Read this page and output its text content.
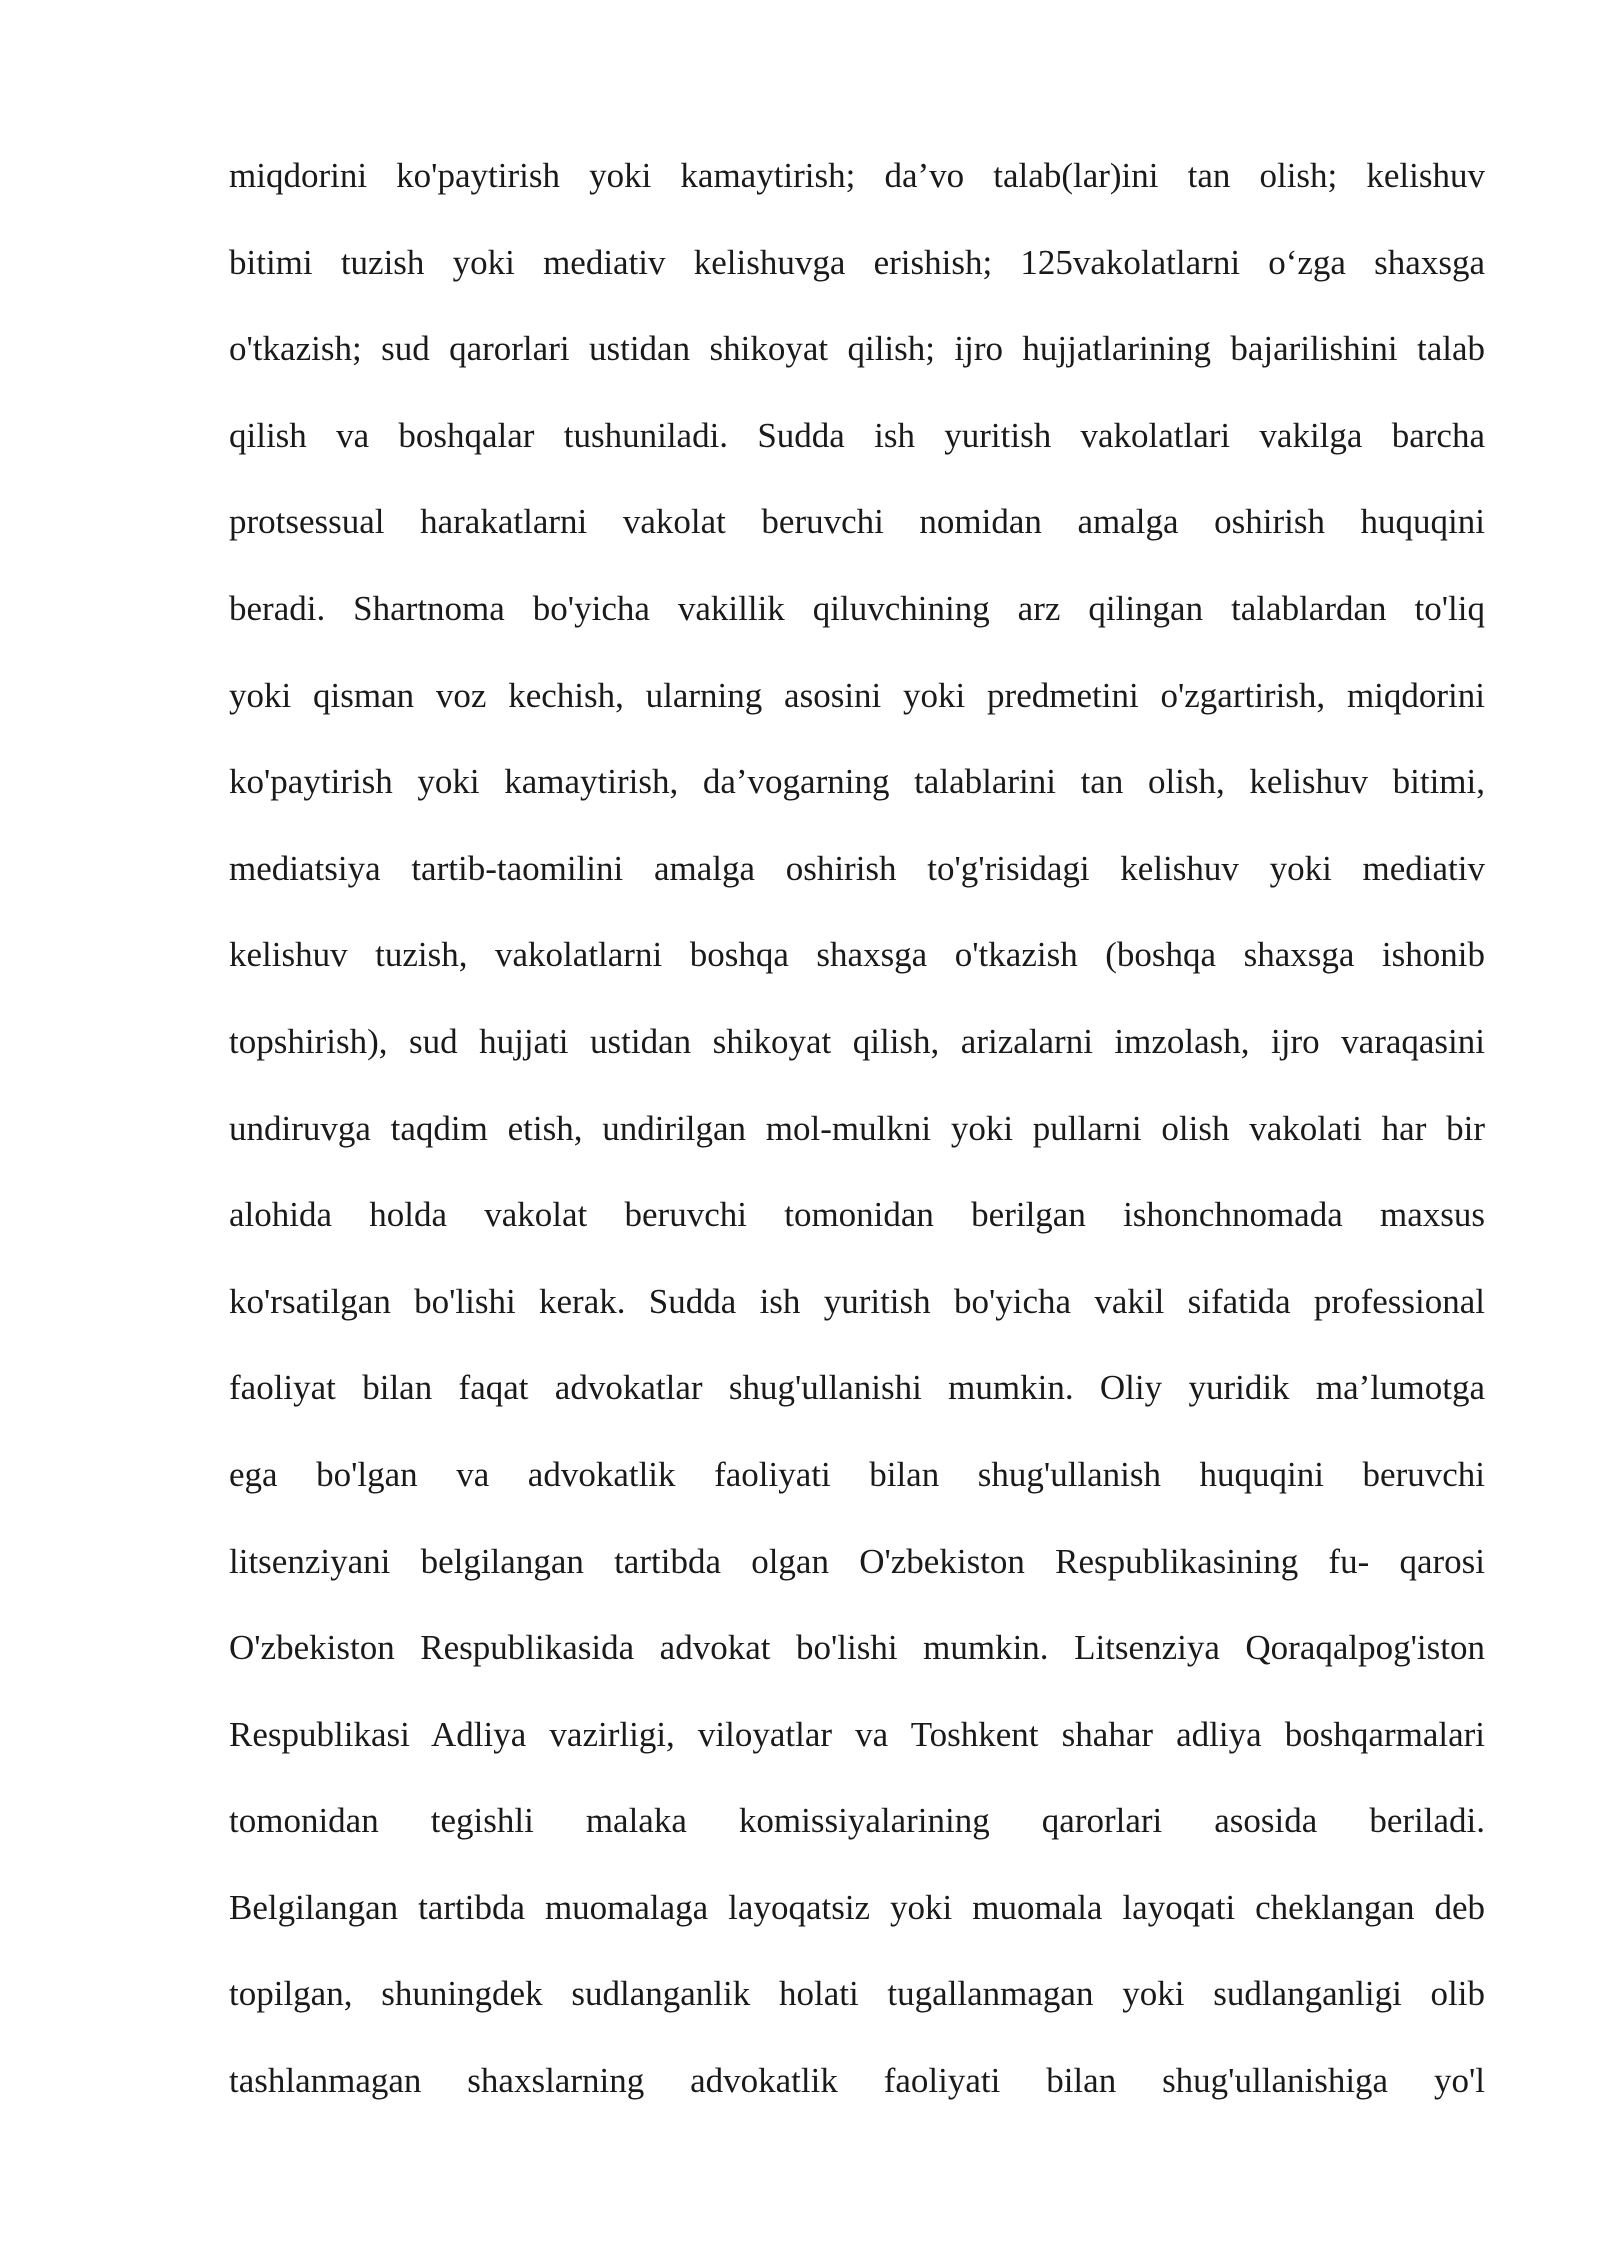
miqdorini ko'paytirish yoki kamaytirish; da’vo talab(lar)ini tan olish; kelishuv
bitimi tuzish yoki mediativ kelishuvga erishish; 125vakolatlarni o‘zga shaxsga
o'tkazish; sud qarorlari ustidan shikoyat qilish; ijro hujjatlarining bajarilishini talab
qilish va boshqalar tushuniladi. Sudda ish yuritish vakolatlari vakilga barcha
protsessual harakatlarni vakolat beruvchi nomidan amalga oshirish huquqini
beradi. Shartnoma bo'yicha vakillik qiluvchining arz qilingan talablardan to'liq
yoki qisman voz kechish, ularning asosini yoki predmetini o'zgartirish, miqdorini
ko'paytirish yoki kamaytirish, da’vogarning talablarini tan olish, kelishuv bitimi,
mediatsiya tartib-taomilini amalga oshirish to'g'risidagi kelishuv yoki mediativ
kelishuv tuzish, vakolatlarni boshqa shaxsga o'tkazish (boshqa shaxsga ishonib
topshirish), sud hujjati ustidan shikoyat qilish, arizalarni imzolash, ijro varaqasini
undiruvga taqdim etish, undirilgan mol-mulkni yoki pullarni olish vakolati har bir
alohida holda vakolat beruvchi tomonidan berilgan ishonchnomada maxsus
ko'rsatilgan bo'lishi kerak. Sudda ish yuritish bo'yicha vakil sifatida professional
faoliyat bilan faqat advokatlar shug'ullanishi mumkin. Oliy yuridik ma’lumotga
ega bo'lgan va advokatlik faoliyati bilan shug'ullanish huquqini beruvchi
litsenziyani belgilangan tartibda olgan O'zbekiston Respublikasining fu- qarosi
O'zbekiston Respublikasida advokat bo'lishi mumkin. Litsenziya Qoraqalpog'iston
Respublikasi Adliya vazirligi, viloyatlar va Toshkent shahar adliya boshqarmalari
tomonidan tegishli malaka komissiyalarining qarorlari asosida beriladi.
Belgilangan tartibda muomalaga layoqatsiz yoki muomala layoqati cheklangan deb
topilgan, shuningdek sudlanganlik holati tugallanmagan yoki sudlanganligi olib
tashlanmagan shaxslarning advokatlik faoliyati bilan shug'ullanishiga yo'l
